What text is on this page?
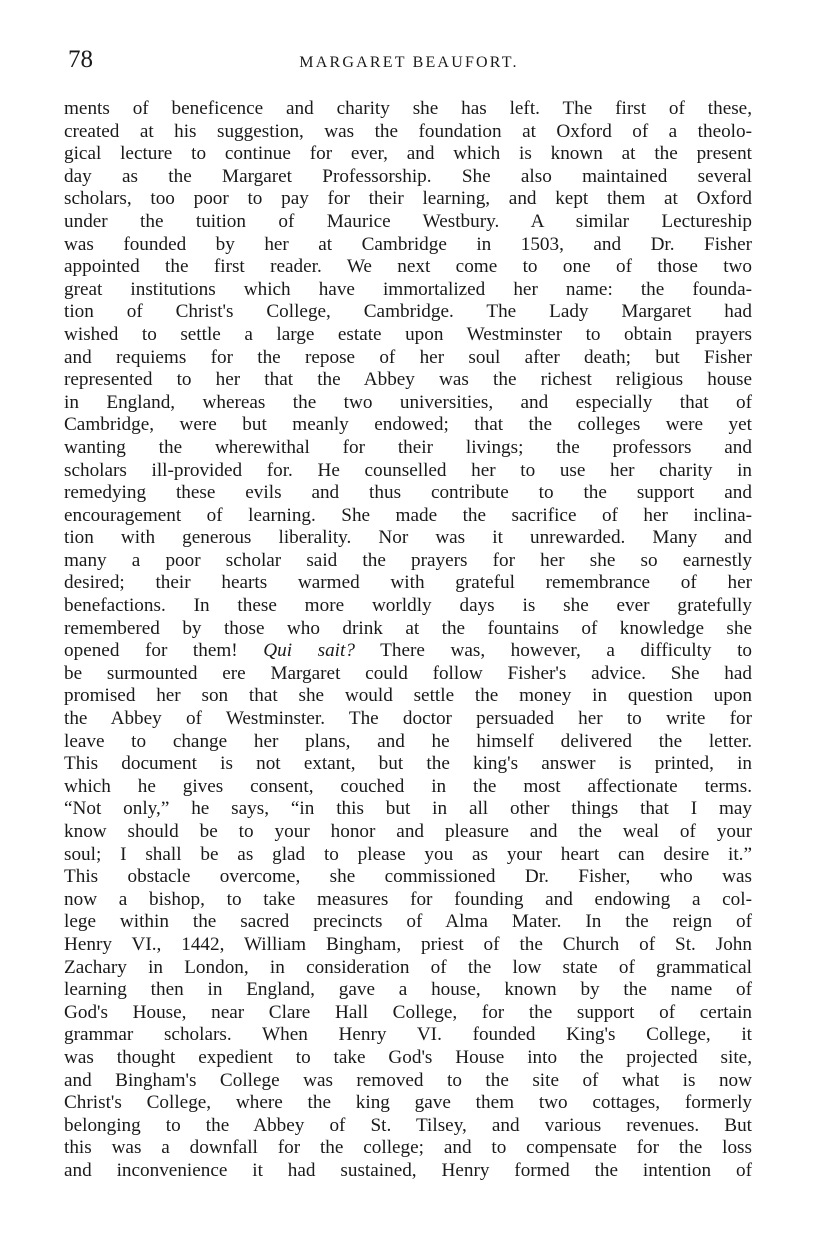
78	MARGARET BEAUFORT.
ments of beneficence and charity she has left. The first of these,
created at his suggestion, was the foundation at Oxford of a theolo-
gical lecture to continue for ever, and which is known at the present
day as the Margaret Professorship. She also maintained several
scholars, too poor to pay for their learning, and kept them at Oxford
under the tuition of Maurice Westbury. A similar Lectureship
was founded by her at Cambridge in 1503, and Dr. Fisher
appointed the first reader. We next come to one of those two
great institutions which have immortalized her name: the founda-
tion of Christ's College, Cambridge. The Lady Margaret had
wished to settle a large estate upon Westminster to obtain prayers
and requiems for the repose of her soul after death; but Fisher
represented to her that the Abbey was the richest religious house
in England, whereas the two universities, and especially that of
Cambridge, were but meanly endowed; that the colleges were yet
wanting the wherewithal for their livings; the professors and
scholars ill-provided for. He counselled her to use her charity in
remedying these evils and thus contribute to the support and
encouragement of learning. She made the sacrifice of her inclina-
tion with generous liberality. Nor was it unrewarded. Many and
many a poor scholar said the prayers for her she so earnestly
desired; their hearts warmed with grateful remembrance of her
benefactions. In these more worldly days is she ever gratefully
remembered by those who drink at the fountains of knowledge she
opened for them! Qui sait? There was, however, a difficulty to
be surmounted ere Margaret could follow Fisher's advice. She had
promised her son that she would settle the money in question upon
the Abbey of Westminster. The doctor persuaded her to write for
leave to change her plans, and he himself delivered the letter.
This document is not extant, but the king's answer is printed, in
which he gives consent, couched in the most affectionate terms.
“Not only,” he says, “in this but in all other things that I may
know should be to your honor and pleasure and the weal of your
soul; I shall be as glad to please you as your heart can desire it.”
This obstacle overcome, she commissioned Dr. Fisher, who was
now a bishop, to take measures for founding and endowing a col-
lege within the sacred precincts of Alma Mater. In the reign of
Henry VI., 1442, William Bingham, priest of the Church of St. John
Zachary in London, in consideration of the low state of grammatical
learning then in England, gave a house, known by the name of
God's House, near Clare Hall College, for the support of certain
grammar scholars. When Henry VI. founded King's College, it
was thought expedient to take God's House into the projected site,
and Bingham's College was removed to the site of what is now
Christ's College, where the king gave them two cottages, formerly
belonging to the Abbey of St. Tilsey, and various revenues. But
this was a downfall for the college; and to compensate for the loss
and inconvenience it had sustained, Henry formed the intention of
